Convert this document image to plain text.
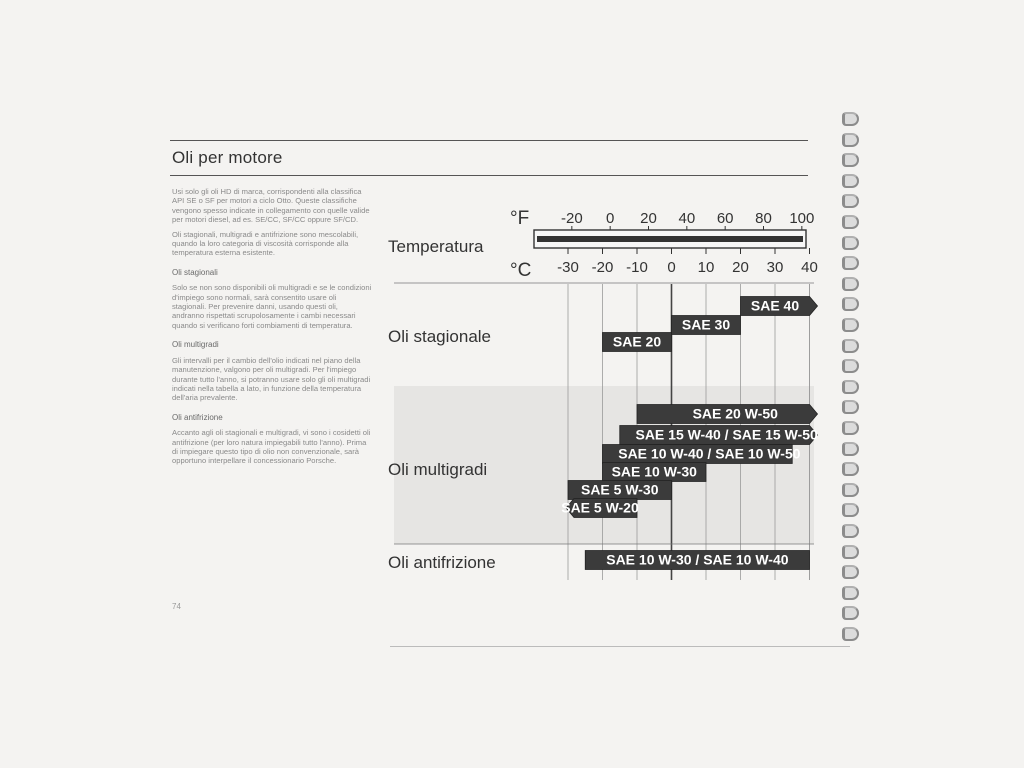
Oli per motore

Usi solo gli oli HD di marca, corrispondenti alla classifica API SE o SF per motori a ciclo Otto. Queste classifiche vengono spesso indicate in collegamento con quelle valide per motori diesel, ad es. SE/CC, SF/CC oppure SF/CD.

Oli stagionali, multigradi e antifrizione sono mescolabili, quando la loro categoria di viscosità corrisponde alla temperatura esterna esistente.

Oli stagionali

Solo se non sono disponibili oli multigradi e se le condizioni d'impiego sono normali, sarà consentito usare oli stagionali. Per prevenire danni, usando questi oli, andranno rispettati scrupolosamente i cambi necessari quando si verificano forti combiamenti di temperatura.

Oli multigradi

Gli intervalli per il cambio dell'olio indicati nel piano della manutenzione, valgono per oli multigradi. Per l'impiego durante tutto l'anno, si potranno usare solo gli oli multigradi indicati nella tabella a lato, in funzione della temperatura dell'aria prevalente.

Oli antifrizione

Accanto agli oli stagionali e multigradi, vi sono i cosidetti oli antifrizione (per loro natura impiegabili tutto l'anno). Prima di impiegare questo tipo di olio non convenzionale, sarà opportuno interpellare il concessionario Porsche.

74
°F -20 0 20 40 60 80 100
°C -30 -20 -10 0 10 20 30 40
Temperatura
Oli stagionale
Oli multigradi
Oli antifrizione
SAE 40
SAE 30
SAE 20
SAE 20 W-50
SAE 15 W-40 / SAE 15 W-50
SAE 10 W-40 / SAE 10 W-50
SAE 10 W-30
SAE 5 W-30
SAE 5 W-20
SAE 10 W-30 / SAE 10 W-40
